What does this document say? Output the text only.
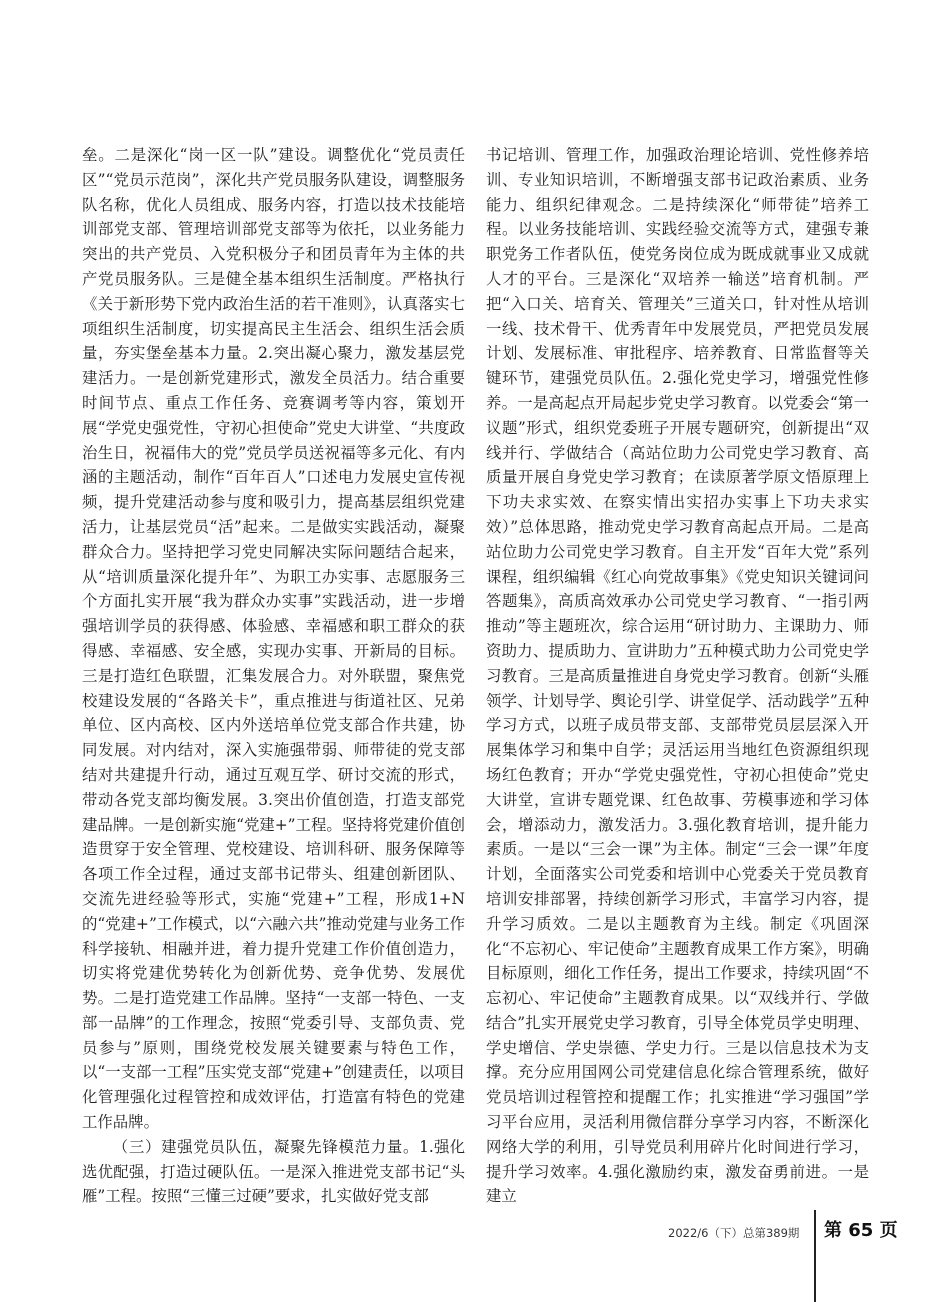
垒。二是深化“岗一区一队”建设。调整优化“党员责任区”“党员示范岗”，深化共产党员服务队建设，调整服务队名称，优化人员组成、服务内容，打造以技术技能培训部党支部、管理培训部党支部等为依托，以业务能力突出的共产党员、入党积极分子和团员青年为主体的共产党员服务队。三是健全基本组织生活制度。严格执行《关于新形势下党内政治生活的若干准则》，认真落实七项组织生活制度，切实提高民主生活会、组织生活会质量，夯实堡垒基本力量。2.突出凝心聚力，激发基层党建活力。一是创新党建形式，激发全员活力。结合重要时间节点、重点工作任务、竞赛调考等内容，策划开展“学党史强党性，守初心担使命”党史大讲堂、“共度政治生日，祝福伟大的党”党员学员送祝福等多元化、有内涵的主题活动，制作“百年百人”口述电力发展史宣传视频，提升党建活动参与度和吸引力，提高基层组织党建活力，让基层党员“活”起来。二是做实实践活动，凝聚群众合力。坚持把学习党史同解决实际问题结合起来，从“培训质量深化提升年”、为职工办实事、志愿服务三个方面扎实开展“我为群众办实事”实践活动，进一步增强培训学员的获得感、体验感、幸福感和职工群众的获得感、幸福感、安全感，实现办实事、开新局的目标。三是打造红色联盟，汇集发展合力。对外联盟，聚焦党校建设发展的“各路关卡”，重点推进与街道社区、兄弟单位、区内高校、区内外送培单位党支部合作共建，协同发展。对内结对，深入实施强带弱、师带徒的党支部结对共建提升行动，通过互观互学、研讨交流的形式，带动各党支部均衡发展。3.突出价值创造，打造支部党建品牌。一是创新实施“党建+”工程。坚持将党建价值创造贯穿于安全管理、党校建设、培训科研、服务保障等各项工作全过程，通过支部书记带头、组建创新团队、交流先进经验等形式，实施“党建+”工程，形成1+N的“党建+”工作模式，以“六融六共”推动党建与业务工作科学接轨、相融并进，着力提升党建工作价值创造力，切实将党建优势转化为创新优势、竞争优势、发展优势。二是打造党建工作品牌。坚持“一支部一特色、一支部一品牌”的工作理念，按照“党委引导、支部负责、党员参与”原则，围绕党校发展关键要素与特色工作，以“一支部一工程”压实党支部“党建+”创建责任，以项目化管理强化过程管控和成效评估，打造富有特色的党建工作品牌。

（三）建强党员队伍，凝聚先锋模范力量。1.强化选优配强，打造过硬队伍。一是深入推进党支部书记“头雁”工程。按照“三懂三过硬”要求，扎实做好党支部

书记培训、管理工作，加强政治理论培训、党性修养培训、专业知识培训，不断增强支部书记政治素质、业务能力、组织纪律观念。二是持续深化“师带徒”培养工程。以业务技能培训、实践经验交流等方式，建强专兼职党务工作者队伍，使党务岗位成为既成就事业又成就人才的平台。三是深化“双培养一输送”培育机制。严把“入口关、培育关、管理关”三道关口，针对性从培训一线、技术骨干、优秀青年中发展党员，严把党员发展计划、发展标准、审批程序、培养教育、日常监督等关键环节，建强党员队伍。2.强化党史学习，增强党性修养。一是高起点开局起步党史学习教育。以党委会“第一议题”形式，组织党委班子开展专题研究，创新提出“双线并行、学做结合（高站位助力公司党史学习教育、高质量开展自身党史学习教育；在读原著学原文悟原理上下功夫求实效、在察实情出实招办实事上下功夫求实效）”总体思路，推动党史学习教育高起点开局。二是高站位助力公司党史学习教育。自主开发“百年大党”系列课程，组织编辑《红心向党故事集》《党史知识关键词问答题集》，高质高效承办公司党史学习教育、“一指引两推动”等主题班次，综合运用“研讨助力、主课助力、师资助力、提质助力、宣讲助力”五种模式助力公司党史学习教育。三是高质量推进自身党史学习教育。创新“头雁领学、计划导学、舆论引学、讲堂促学、活动践学”五种学习方式，以班子成员带支部、支部带党员层层深入开展集体学习和集中自学；灵活运用当地红色资源组织现场红色教育；开办“学党史强党性，守初心担使命”党史大讲堂，宣讲专题党课、红色故事、劳模事迹和学习体会，增添动力，激发活力。3.强化教育培训，提升能力素质。一是以“三会一课”为主体。制定“三会一课”年度计划，全面落实公司党委和培训中心党委关于党员教育培训安排部署，持续创新学习形式，丰富学习内容，提升学习质效。二是以主题教育为主线。制定《巩固深化“不忘初心、牢记使命”主题教育成果工作方案》，明确目标原则，细化工作任务，提出工作要求，持续巩固“不忘初心、牢记使命”主题教育成果。以“双线并行、学做结合”扎实开展党史学习教育，引导全体党员学史明理、学史增信、学史崇德、学史力行。三是以信息技术为支撑。充分应用国网公司党建信息化综合管理系统，做好党员培训过程管控和提醒工作；扎实推进“学习强国”学习平台应用，灵活利用微信群分享学习内容，不断深化网络大学的利用，引导党员利用碎片化时间进行学习，提升学习效率。4.强化激励约束，激发奋勇前进。一是建立

2022/6（下）总第389期 第 65 页
